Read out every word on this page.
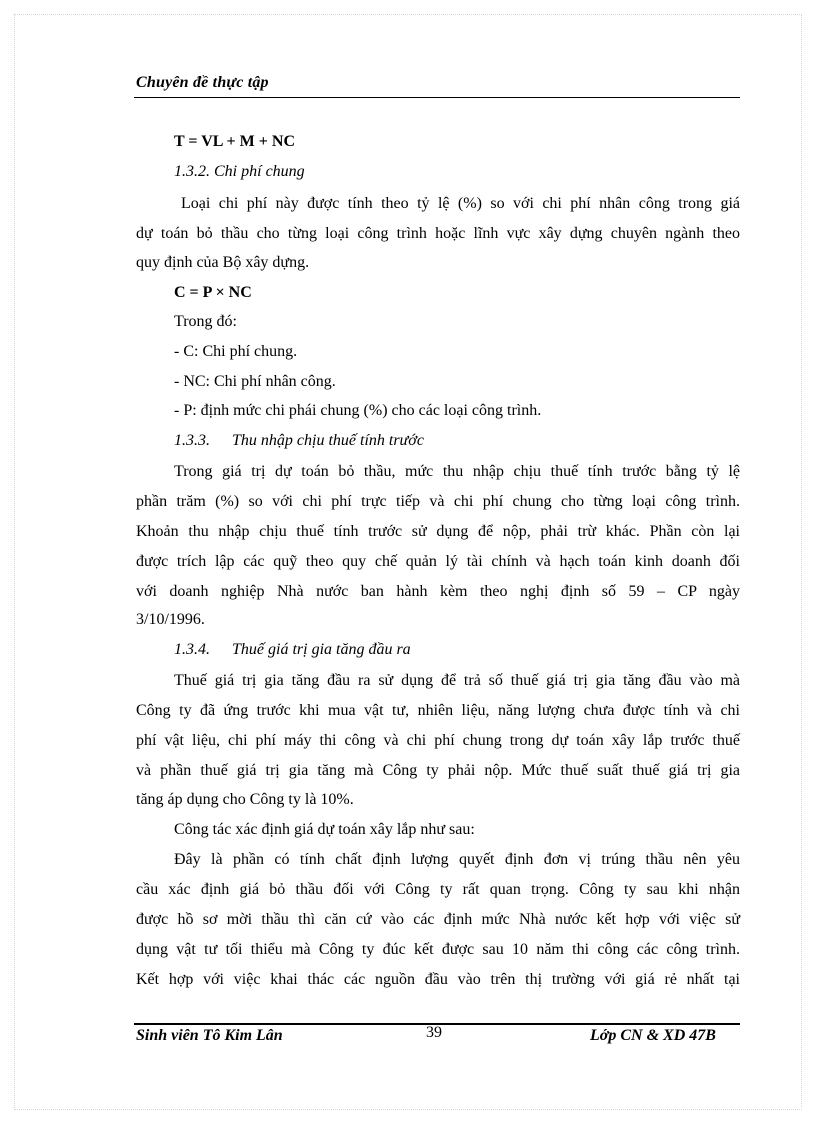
Chuyên đề thực tập
T = VL + M + NC
1.3.2. Chi phí chung
Loại chi phí này được tính theo tỷ lệ (%) so với chi phí nhân công trong giá
dự toán bỏ thầu cho từng loại công trình hoặc lĩnh vực xây dựng chuyên ngành theo
quy định của Bộ xây dựng.
C = P × NC
Trong đó:
- C: Chi phí chung.
- NC: Chi phí nhân công.
- P: định mức chi phái chung (%) cho các loại công trình.
1.3.3. Thu nhập chịu thuế tính trước
Trong giá trị dự toán bỏ thầu, mức thu nhập chịu thuế tính trước bằng tỷ lệ
phần trăm (%) so với chi phí trực tiếp và chi phí chung cho từng loại công trình.
Khoản thu nhập chịu thuế tính trước sử dụng để nộp, phải trừ khác. Phần còn lại
được trích lập các quỹ theo quy chế quản lý tài chính và hạch toán kinh doanh đối
với doanh nghiệp Nhà nước ban hành kèm theo nghị định số 59 – CP ngày
3/10/1996.
1.3.4. Thuế giá trị gia tăng đầu ra
Thuế giá trị gia tăng đầu ra sử dụng để trả số thuế giá trị gia tăng đầu vào mà
Công ty đã ứng trước khi mua vật tư, nhiên liệu, năng lượng chưa được tính và chi
phí vật liệu, chi phí máy thi công và chi phí chung trong dự toán xây lắp trước thuế
và phần thuế giá trị gia tăng mà Công ty phải nộp. Mức thuế suất thuế giá trị gia
tăng áp dụng cho Công ty là 10%.
Công tác xác định giá dự toán xây lắp như sau:
Đây là phần có tính chất định lượng quyết định đơn vị trúng thầu nên yêu
cầu xác định giá bỏ thầu đối với Công ty rất quan trọng. Công ty sau khi nhận
được hồ sơ mời thầu thì căn cứ vào các định mức Nhà nước kết hợp với việc sử
dụng vật tư tối thiểu mà Công ty đúc kết được sau 10 năm thi công các công trình.
Kết hợp với việc khai thác các nguồn đầu vào trên thị trường với giá rẻ nhất tại
Sinh viên Tô Kim Lân	39	Lớp CN & XD 47B
